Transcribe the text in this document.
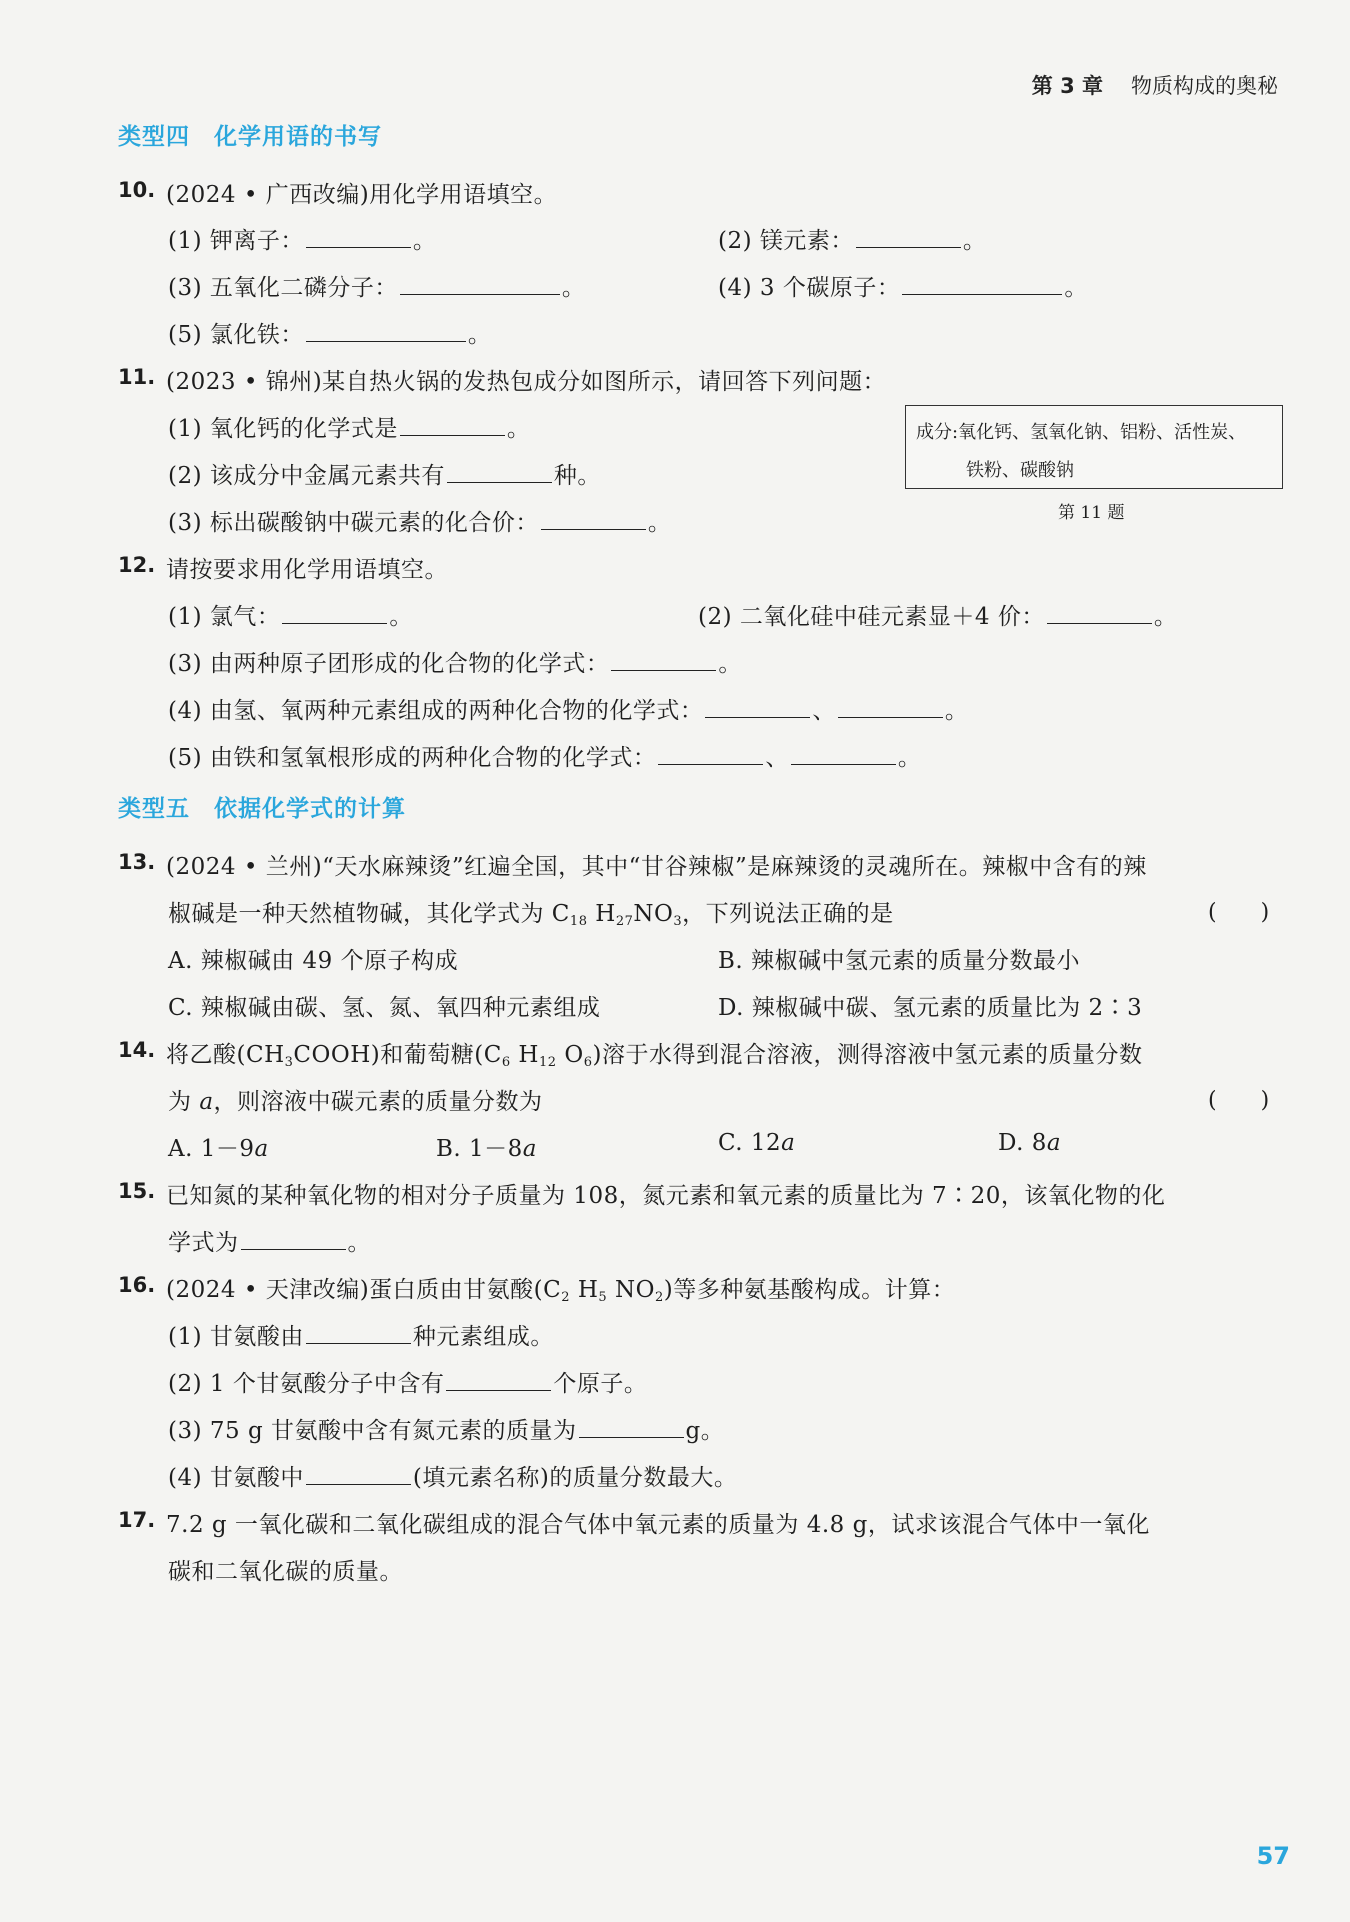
第 3 章 物质构成的奥秘
类型四　化学用语的书写
10. (2024 • 广西改编)用化学用语填空。
(1) 钾离子：	。	(2) 镁元素：	。
(3) 五氧化二磷分子：	。	(4) 3 个碳原子：	。
(5) 氯化铁：	。
11. (2023 • 锦州)某自热火锅的发热包成分如图所示，请回答下列问题：
(1) 氧化钙的化学式是	。
(2) 该成分中金属元素共有	种。
(3) 标出碳酸钠中碳元素的化合价：	。
成分:氧化钙、氢氧化钠、铝粉、活性炭、
铁粉、碳酸钠
第 11 题
12. 请按要求用化学用语填空。
(1) 氯气：	。	(2) 二氧化硅中硅元素显＋4 价：	。
(3) 由两种原子团形成的化合物的化学式：	。
(4) 由氢、氧两种元素组成的两种化合物的化学式：	、	。
(5) 由铁和氢氧根形成的两种化合物的化学式：	、	。
类型五　依据化学式的计算
13. (2024 • 兰州)“天水麻辣烫”红遍全国，其中“甘谷辣椒”是麻辣烫的灵魂所在。辣椒中含有的辣
椒碱是一种天然植物碱，其化学式为 $C_{18}$ $H_{27}NO_3$，下列说法正确的是	(　　)
A. 辣椒碱由 49 个原子构成	B. 辣椒碱中氢元素的质量分数最小
C. 辣椒碱由碳、氢、氮、氧四种元素组成	D. 辣椒碱中碳、氢元素的质量比为 2∶3
14. 将乙酸$(CH_3COOH)$和葡萄糖($C_6$ $H_{12}$ $O_6$)溶于水得到混合溶液，测得溶液中氢元素的质量分数
为 a，则溶液中碳元素的质量分数为	(　　)
A. 1－9a	B. 1－8a	C. 12a	D. 8a
15. 已知氮的某种氧化物的相对分子质量为 108，氮元素和氧元素的质量比为 7∶20，该氧化物的化
学式为	。
16. (2024 • 天津改编)蛋白质由甘氨酸($C_2$ $H_5$ $NO_2$)等多种氨基酸构成。计算：
(1) 甘氨酸由	种元素组成。
(2) 1 个甘氨酸分子中含有	个原子。
(3) 75 g 甘氨酸中含有氮元素的质量为	g。
(4) 甘氨酸中	(填元素名称)的质量分数最大。
17. 7.2 g 一氧化碳和二氧化碳组成的混合气体中氧元素的质量为 4.8 g，试求该混合气体中一氧化
碳和二氧化碳的质量。
57
